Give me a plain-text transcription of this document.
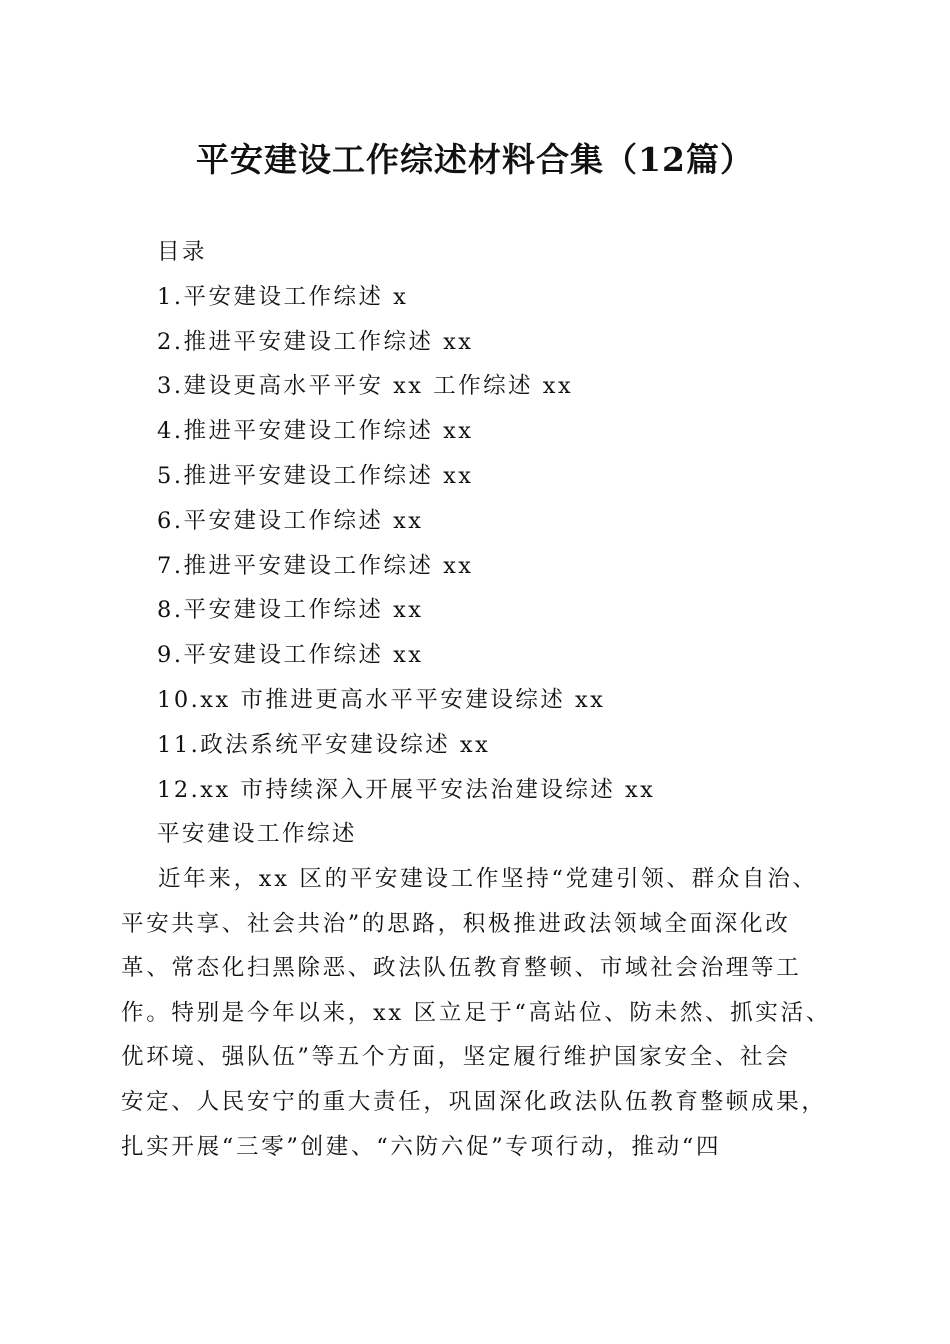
平安建设工作综述材料合集（12篇）
目录
1.平安建设工作综述 x
2.推进平安建设工作综述 xx
3.建设更高水平平安 xx 工作综述 xx
4.推进平安建设工作综述 xx
5.推进平安建设工作综述 xx
6.平安建设工作综述 xx
7.推进平安建设工作综述 xx
8.平安建设工作综述 xx
9.平安建设工作综述 xx
10.xx 市推进更高水平平安建设综述 xx
11.政法系统平安建设综述 xx
12.xx 市持续深入开展平安法治建设综述 xx
平安建设工作综述
近年来，xx 区的平安建设工作坚持“党建引领、群众自治、
平安共享、社会共治”的思路，积极推进政法领域全面深化改
革、常态化扫黑除恶、政法队伍教育整顿、市域社会治理等工
作。特别是今年以来，xx 区立足于“高站位、防未然、抓实活、
优环境、强队伍”等五个方面，坚定履行维护国家安全、社会
安定、人民安宁的重大责任，巩固深化政法队伍教育整顿成果，
扎实开展“三零”创建、“六防六促”专项行动，推动“四
